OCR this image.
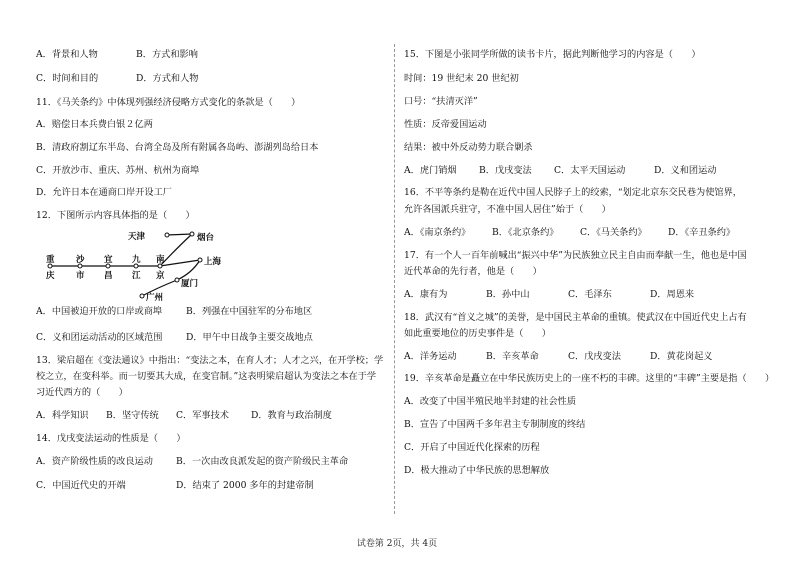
A．背景和人物	B．方式和影响
C．时间和目的	D．方式和人物
11．《马关条约》中体现列强经济侵略方式变化的条款是（　　）
A．赔偿日本兵费白银２亿两
B．清政府割辽东半岛、台湾全岛及所有附属各岛屿、澎湖列岛给日本
C．开放沙市、重庆、苏州、杭州为商埠
D．允许日本在通商口岸开设工厂
12．下图所示内容具体指的是（　　）
天津	烟台
上海
重
庆
沙
市
宜
昌
九
江
南
京
厦门
广州
A．中国被迫开放的口岸或商埠	B．列强在中国驻军的分布地区
C．义和团运动活动的区域范围	D．甲午中日战争主要交战地点
13．梁启超在《变法通议》中指出：“变法之本，在育人才；人才之兴，在开学校；学
校之立，在变科举。而一切要其大成，在变官制。”这表明梁启超认为变法之本在于学
习近代西方的（　　）
A．科学知识 B．坚守传统 C．军事技术 D．教育与政治制度
14．戊戌变法运动的性质是（　　）
A．资产阶级性质的改良运动	B．一次由改良派发起的资产阶级民主革命
C．中国近代史的开端	D．结束了 2000 多年的封建帝制
15．下图是小张同学所做的读书卡片，据此判断他学习的内容是（　　）
时间：19 世纪末 20 世纪初
口号：“扶清灭洋”
性质：反帝爱国运动
结果：被中外反动势力联合剿杀
A．虎门销烟 B．戊戌变法 C．太平天国运动	D．义和团运动
16．不平等条约是勒在近代中国人民脖子上的绞索，“划定北京东交民巷为使馆界，
允许各国派兵驻守，不准中国人居住”始于（　　）
A．《南京条约》 B．《北京条约》 C．《马关条约》 D．《辛丑条约》
17．有一个人一百年前喊出“振兴中华”为民族独立民主自由而奉献一生，他也是中国
近代革命的先行者，他是（　　）
A．康有为	B．孙中山	C．毛泽东	D．周恩来
18．武汉有“首义之城”的美誉，是中国民主革命的重镇。使武汉在中国近代史上占有
如此重要地位的历史事件是（　　）
A．洋务运动	B．辛亥革命	C．戊戌变法	D．黄花岗起义
19．辛亥革命是矗立在中华民族历史上的一座不朽的丰碑。这里的“丰碑”主要是指（　　）
A．改变了中国半殖民地半封建的社会性质
B．宣告了中国两千多年君主专制制度的终结
C．开启了中国近代化探索的历程
D．极大推动了中华民族的思想解放
试卷第 2页，共 4页
